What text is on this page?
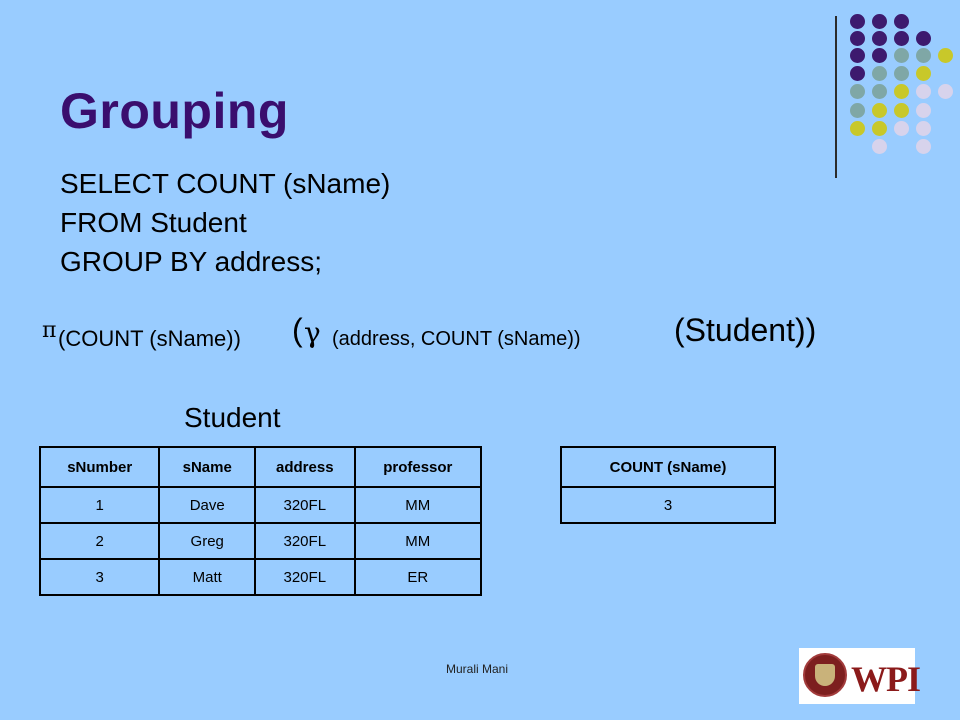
Grouping
SELECT COUNT (sName)
FROM Student
GROUP BY address;
π (COUNT (sName)) ( γ (address, COUNT (sName))	(Student))
Student
sNumber	sName	address	professor
1	Dave	320FL	MM
2	Greg	320FL	MM
3	Matt	320FL	ER
COUNT (sName)
3
Murali Mani	WPI
